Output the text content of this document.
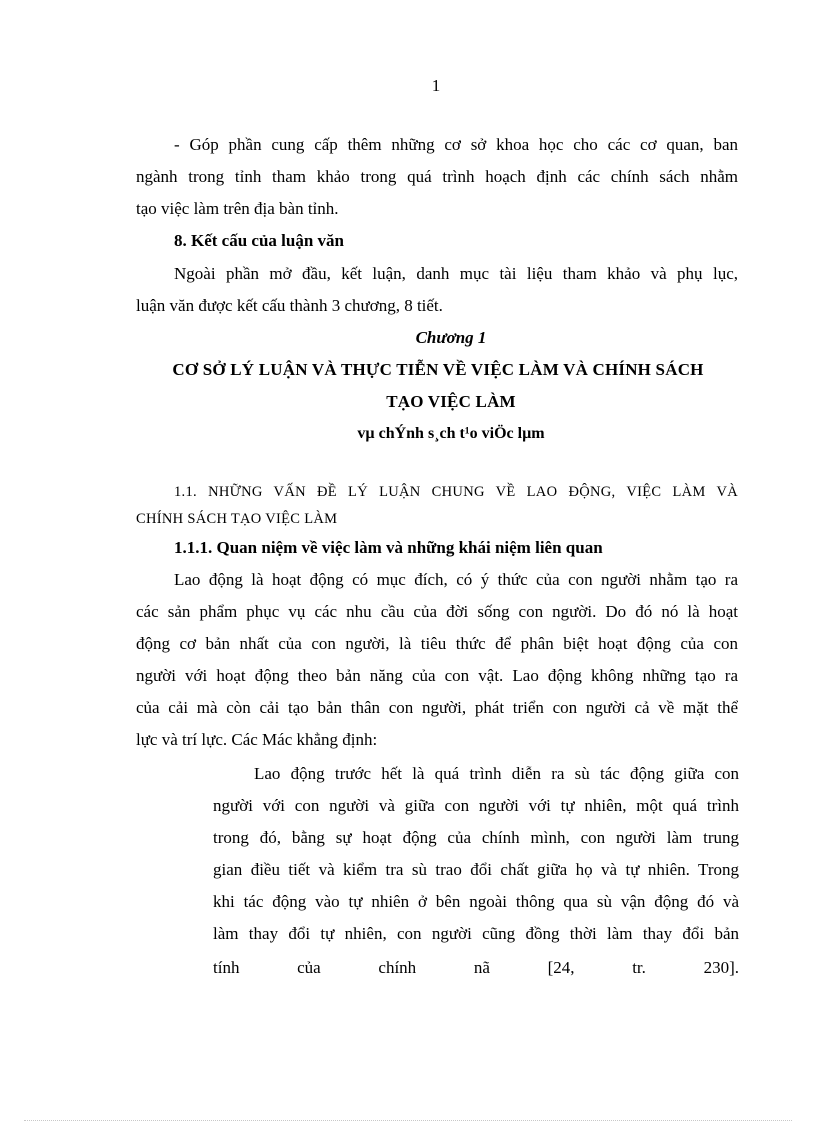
1
- Góp phần cung cấp thêm những cơ sở khoa học cho các cơ quan, ban
ngành trong tỉnh tham khảo trong quá trình hoạch định các chính sách nhằm
tạo việc làm trên địa bàn tỉnh.
8. Kết cấu của luận văn
Ngoài phần mở đầu, kết luận, danh mục tài liệu tham khảo và phụ lục,
luận văn được kết cấu thành 3 chương, 8 tiết.
Chương 1
CƠ SỞ LÝ LUẬN VÀ THỰC TIỄN VỀ VIỆC LÀM VÀ CHÍNH SÁCH
TẠO VIỆC LÀM
vµ chÝnh s¸ch t¹o viÖc lµm
1.1. NHỮNG VẤN ĐỀ LÝ LUẬN CHUNG VỀ LAO ĐỘNG, VIỆC LÀM VÀ
CHÍNH SÁCH TẠO VIỆC LÀM
1.1.1. Quan niệm về việc làm và những khái niệm liên quan
Lao động là hoạt động có mục đích, có ý thức của con người nhằm tạo ra
các sản phẩm phục vụ các nhu cầu của đời sống con người. Do đó nó là hoạt
động cơ bản nhất của con người, là tiêu thức để phân biệt hoạt động của con
người với hoạt động theo bản năng của con vật. Lao động không những tạo ra
của cải mà còn cải tạo bản thân con người, phát triển con người cả về mặt thể
lực và trí lực. Các Mác khẳng định:
Lao động trước hết là quá trình diễn ra sù tác động giữa con
người với con người và giữa con người với tự nhiên, một quá trình
trong đó, bằng sự hoạt động của chính mình, con người làm trung
gian điều tiết và kiểm tra sù trao đổi chất giữa họ và tự nhiên. Trong
khi tác động vào tự nhiên ở bên ngoài thông qua sù vận động đó và
làm thay đổi tự nhiên, con người cũng đồng thời làm thay đổi bản
tính của chính nã [24, tr. 230].
